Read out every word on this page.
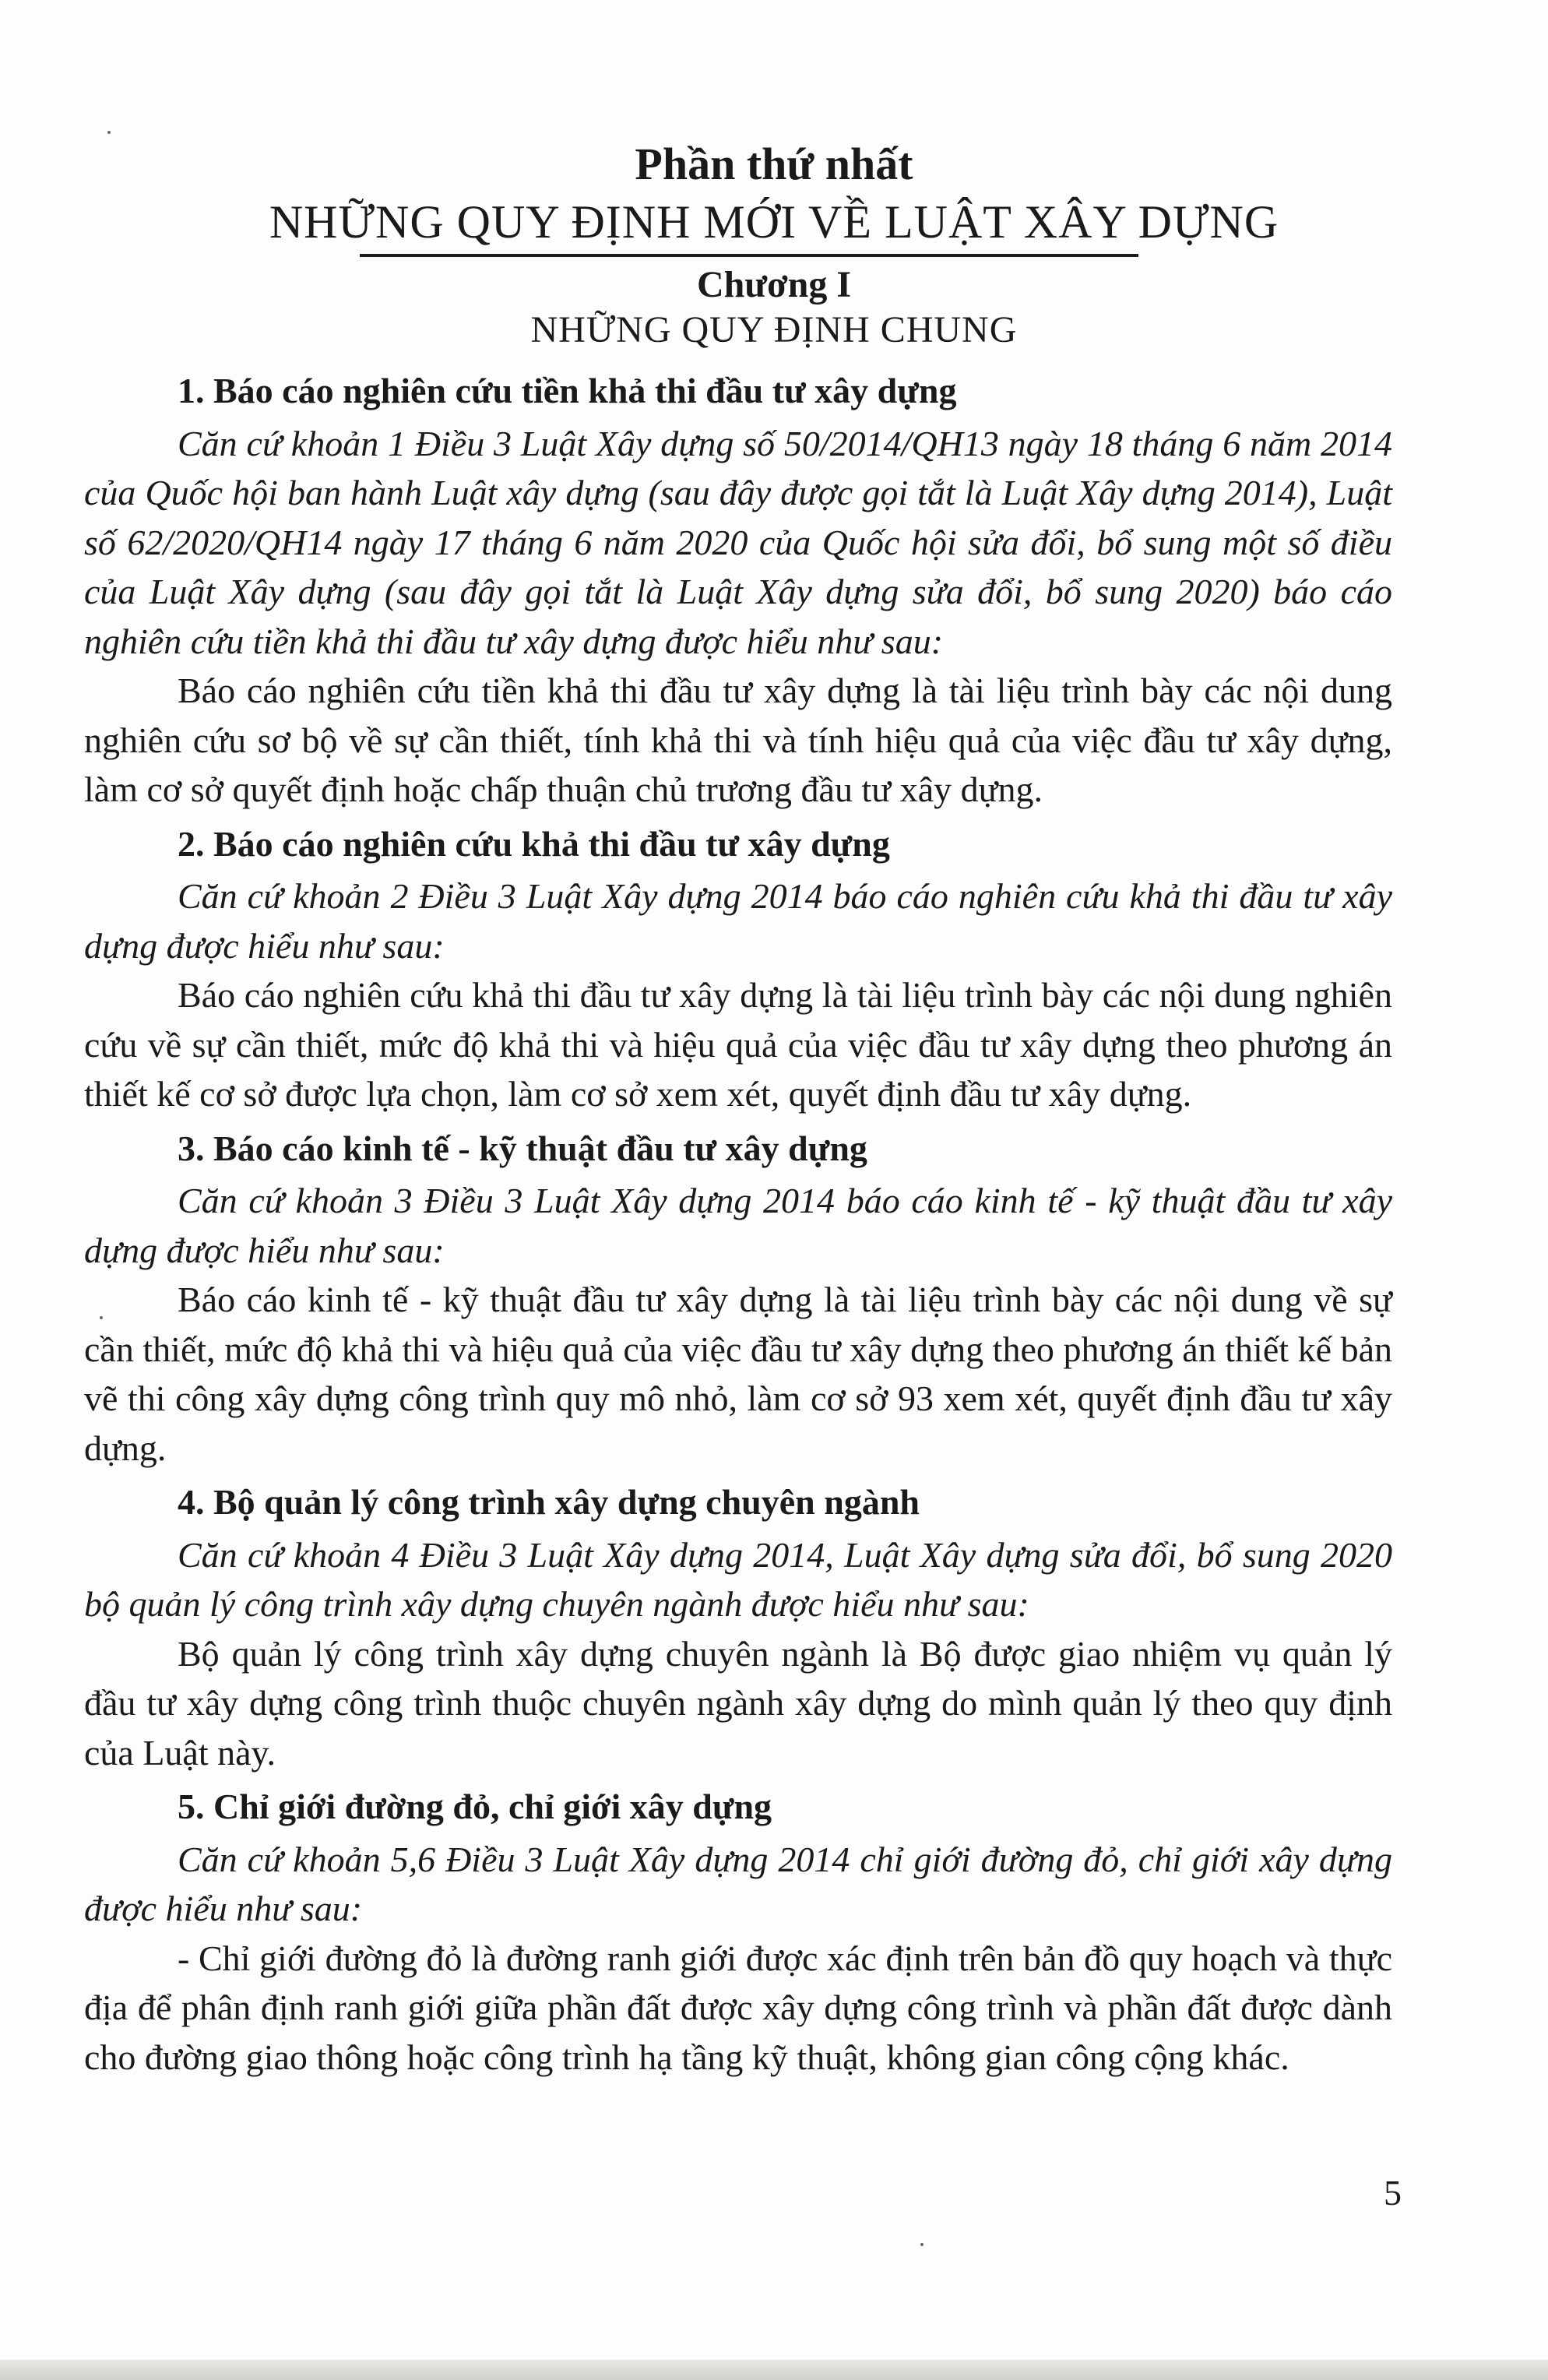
Phần thứ nhất
NHỮNG QUY ĐỊNH MỚI VỀ LUẬT XÂY DỰNG
Chương I
NHỮNG QUY ĐỊNH CHUNG

1. Báo cáo nghiên cứu tiền khả thi đầu tư xây dựng

Căn cứ khoản 1 Điều 3 Luật Xây dựng số 50/2014/QH13 ngày 18 tháng 6 năm 2014 của Quốc hội ban hành Luật xây dựng (sau đây được gọi tắt là Luật Xây dựng 2014), Luật số 62/2020/QH14 ngày 17 tháng 6 năm 2020 của Quốc hội sửa đổi, bổ sung một số điều của Luật Xây dựng (sau đây gọi tắt là Luật Xây dựng sửa đổi, bổ sung 2020) báo cáo nghiên cứu tiền khả thi đầu tư xây dựng được hiểu như sau:

Báo cáo nghiên cứu tiền khả thi đầu tư xây dựng là tài liệu trình bày các nội dung nghiên cứu sơ bộ về sự cần thiết, tính khả thi và tính hiệu quả của việc đầu tư xây dựng, làm cơ sở quyết định hoặc chấp thuận chủ trương đầu tư xây dựng.

2. Báo cáo nghiên cứu khả thi đầu tư xây dựng

Căn cứ khoản 2 Điều 3 Luật Xây dựng 2014 báo cáo nghiên cứu khả thi đầu tư xây dựng được hiểu như sau:

Báo cáo nghiên cứu khả thi đầu tư xây dựng là tài liệu trình bày các nội dung nghiên cứu về sự cần thiết, mức độ khả thi và hiệu quả của việc đầu tư xây dựng theo phương án thiết kế cơ sở được lựa chọn, làm cơ sở xem xét, quyết định đầu tư xây dựng.

3. Báo cáo kinh tế - kỹ thuật đầu tư xây dựng

Căn cứ khoản 3 Điều 3 Luật Xây dựng 2014 báo cáo kinh tế - kỹ thuật đầu tư xây dựng được hiểu như sau:

Báo cáo kinh tế - kỹ thuật đầu tư xây dựng là tài liệu trình bày các nội dung về sự cần thiết, mức độ khả thi và hiệu quả của việc đầu tư xây dựng theo phương án thiết kế bản vẽ thi công xây dựng công trình quy mô nhỏ, làm cơ sở 93 xem xét, quyết định đầu tư xây dựng.

4. Bộ quản lý công trình xây dựng chuyên ngành

Căn cứ khoản 4 Điều 3 Luật Xây dựng 2014, Luật Xây dựng sửa đổi, bổ sung 2020 bộ quản lý công trình xây dựng chuyên ngành được hiểu như sau:

Bộ quản lý công trình xây dựng chuyên ngành là Bộ được giao nhiệm vụ quản lý đầu tư xây dựng công trình thuộc chuyên ngành xây dựng do mình quản lý theo quy định của Luật này.

5. Chỉ giới đường đỏ, chỉ giới xây dựng

Căn cứ khoản 5,6 Điều 3 Luật Xây dựng 2014 chỉ giới đường đỏ, chỉ giới xây dựng được hiểu như sau:

- Chỉ giới đường đỏ là đường ranh giới được xác định trên bản đồ quy hoạch và thực địa để phân định ranh giới giữa phần đất được xây dựng công trình và phần đất được dành cho đường giao thông hoặc công trình hạ tầng kỹ thuật, không gian công cộng khác.

5
